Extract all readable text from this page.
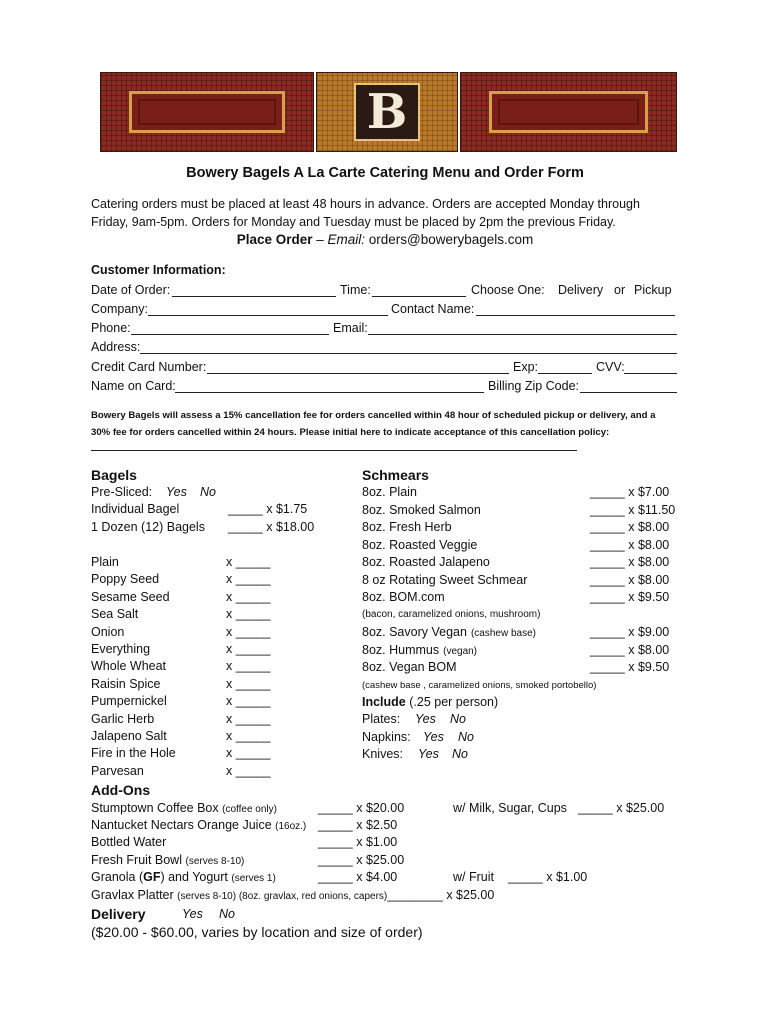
B
Bowery Bagels A La Carte Catering Menu and Order Form
Catering orders must be placed at least 48 hours in advance. Orders are accepted Monday through
Friday, 9am-5pm. Orders for Monday and Tuesday must be placed by 2pm the previous Friday.
Place Order – Email: orders@bowerybagels.com
Customer Information:
Date of Order:	Time:	Choose One: Delivery or Pickup
Company:	Contact Name:
Phone:	Email:
Address:
Credit Card Number:	Exp:	CVV:
Name on Card:	Billing Zip Code:
Bowery Bagels will assess a 15% cancellation fee for orders cancelled within 48 hour of scheduled pickup or delivery, and a
30% fee for orders cancelled within 24 hours. Please initial here to indicate acceptance of this cancellation policy:
Bagels
Pre-Sliced: Yes No
Individual Bagel	_____ x $1.75
1 Dozen (12) Bagels _____ x $18.00
Plain	x _____
Poppy Seed	x _____
Sesame Seed	x _____
Sea Salt	x _____
Onion	x _____
Everything	x _____
Whole Wheat	x _____
Raisin Spice	x _____
Pumpernickel	x _____
Garlic Herb	x _____
Jalapeno Salt	x _____
Fire in the Hole	x _____
Parvesan	x _____
Schmears
8oz. Plain	_____ x $7.00
8oz. Smoked Salmon	_____ x $11.50
8oz. Fresh Herb	_____ x $8.00
8oz. Roasted Veggie	_____ x $8.00
8oz. Roasted Jalapeno	_____ x $8.00
8 oz Rotating Sweet Schmear	_____ x $8.00
8oz. BOM.com	_____ x $9.50
(bacon, caramelized onions, mushroom)
8oz. Savory Vegan (cashew base)	_____ x $9.00
8oz. Hummus (vegan)	_____ x $8.00
8oz. Vegan BOM	_____ x $9.50
(cashew base , caramelized onions, smoked portobello)
Include (.25 per person)
Plates: Yes No
Napkins: Yes No
Knives: Yes No
Add-Ons
Stumptown Coffee Box (coffee only)	_____ x $20.00	w/ Milk, Sugar, Cups _____ x $25.00
Nantucket Nectars Orange Juice (16oz.) _____ x $2.50
Bottled Water	_____ x $1.00
Fresh Fruit Bowl (serves 8-10)	_____ x $25.00
Granola (GF) and Yogurt (serves 1)	_____ x $4.00	w/ Fruit _____ x $1.00
Gravlax Platter (serves 8-10) (8oz. gravlax, red onions, capers)________ x $25.00
Delivery	Yes No
($20.00 - $60.00, varies by location and size of order)
